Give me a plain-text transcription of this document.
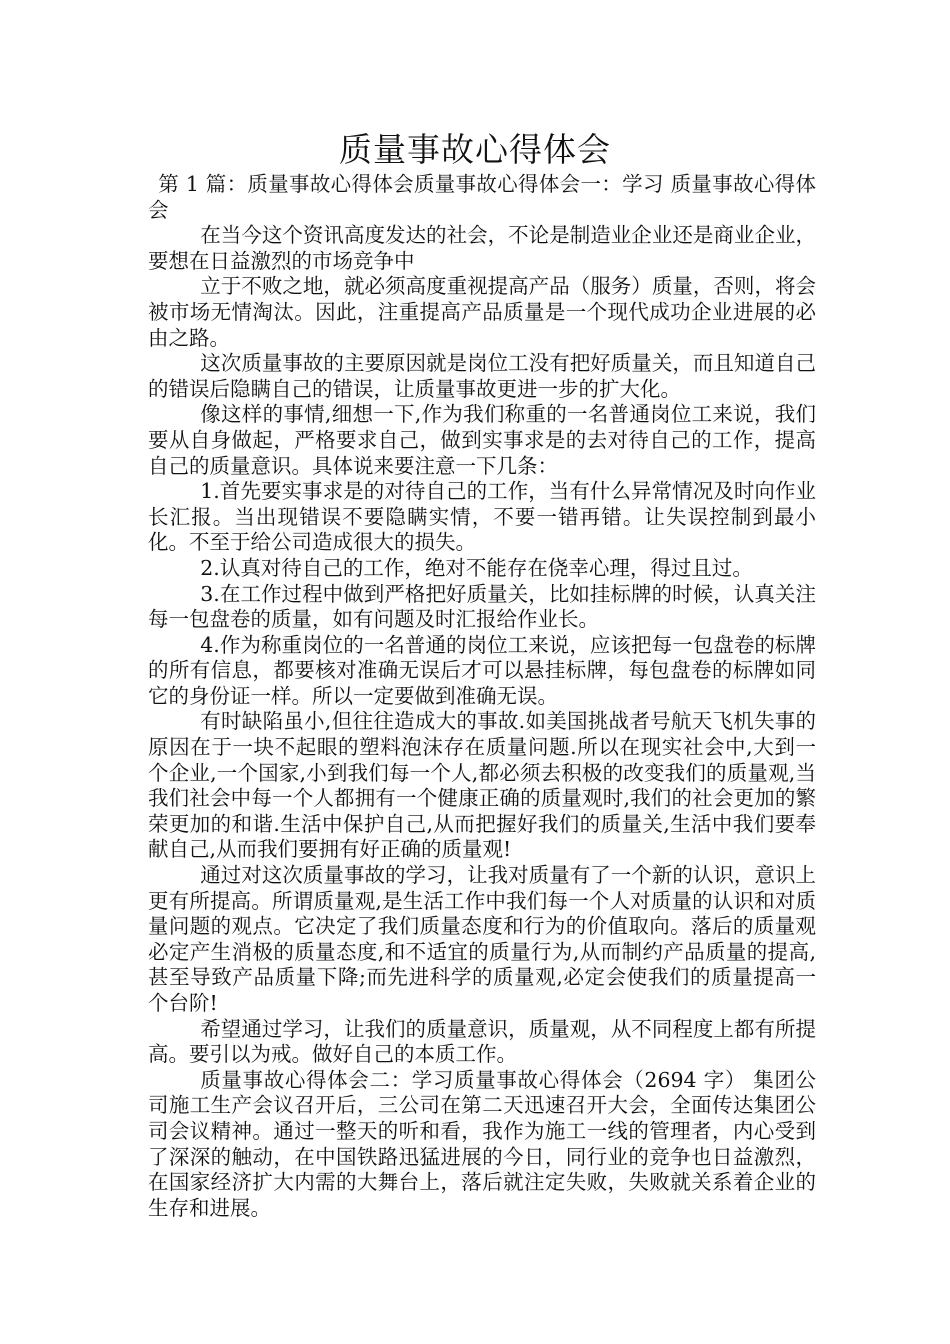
质量事故心得体会

第 1 篇：质量事故心得体会质量事故心得体会一：学习 质量事故心得体会

在当今这个资讯高度发达的社会，不论是制造业企业还是商业企业，要想在日益激烈的市场竞争中

立于不败之地，就必须高度重视提高产品（服务）质量，否则，将会被市场无情淘汰。因此，注重提高产品质量是一个现代成功企业进展的必由之路。

这次质量事故的主要原因就是岗位工没有把好质量关，而且知道自己的错误后隐瞒自己的错误，让质量事故更进一步的扩大化。

像这样的事情,细想一下,作为我们称重的一名普通岗位工来说，我们要从自身做起，严格要求自己，做到实事求是的去对待自己的工作，提高自己的质量意识。具体说来要注意一下几条：

1.首先要实事求是的对待自己的工作，当有什么异常情况及时向作业长汇报。当出现错误不要隐瞒实情，不要一错再错。让失误控制到最小化。不至于给公司造成很大的损失。

2.认真对待自己的工作，绝对不能存在侥幸心理，得过且过。

3.在工作过程中做到严格把好质量关，比如挂标牌的时候，认真关注每一包盘卷的质量，如有问题及时汇报给作业长。

4.作为称重岗位的一名普通的岗位工来说，应该把每一包盘卷的标牌的所有信息，都要核对准确无误后才可以悬挂标牌，每包盘卷的标牌如同它的身份证一样。所以一定要做到准确无误。

有时缺陷虽小,但往往造成大的事故.如美国挑战者号航天飞机失事的原因在于一块不起眼的塑料泡沫存在质量问题.所以在现实社会中,大到一个企业,一个国家,小到我们每一个人,都必须去积极的改变我们的质量观,当我们社会中每一个人都拥有一个健康正确的质量观时,我们的社会更加的繁荣更加的和谐.生活中保护自己,从而把握好我们的质量关,生活中我们要奉献自己,从而我们要拥有好正确的质量观!

通过对这次质量事故的学习，让我对质量有了一个新的认识，意识上更有所提高。所谓质量观,是生活工作中我们每一个人对质量的认识和对质量问题的观点。它决定了我们质量态度和行为的价值取向。落后的质量观必定产生消极的质量态度,和不适宜的质量行为,从而制约产品质量的提高,甚至导致产品质量下降;而先进科学的质量观,必定会使我们的质量提高一个台阶!

希望通过学习，让我们的质量意识，质量观，从不同程度上都有所提高。要引以为戒。做好自己的本质工作。

质量事故心得体会二：学习质量事故心得体会（2694 字） 集团公司施工生产会议召开后，三公司在第二天迅速召开大会，全面传达集团公司会议精神。通过一整天的听和看，我作为施工一线的管理者，内心受到了深深的触动，在中国铁路迅猛进展的今日，同行业的竞争也日益激烈，在国家经济扩大内需的大舞台上，落后就注定失败，失败就关系着企业的生存和进展。
